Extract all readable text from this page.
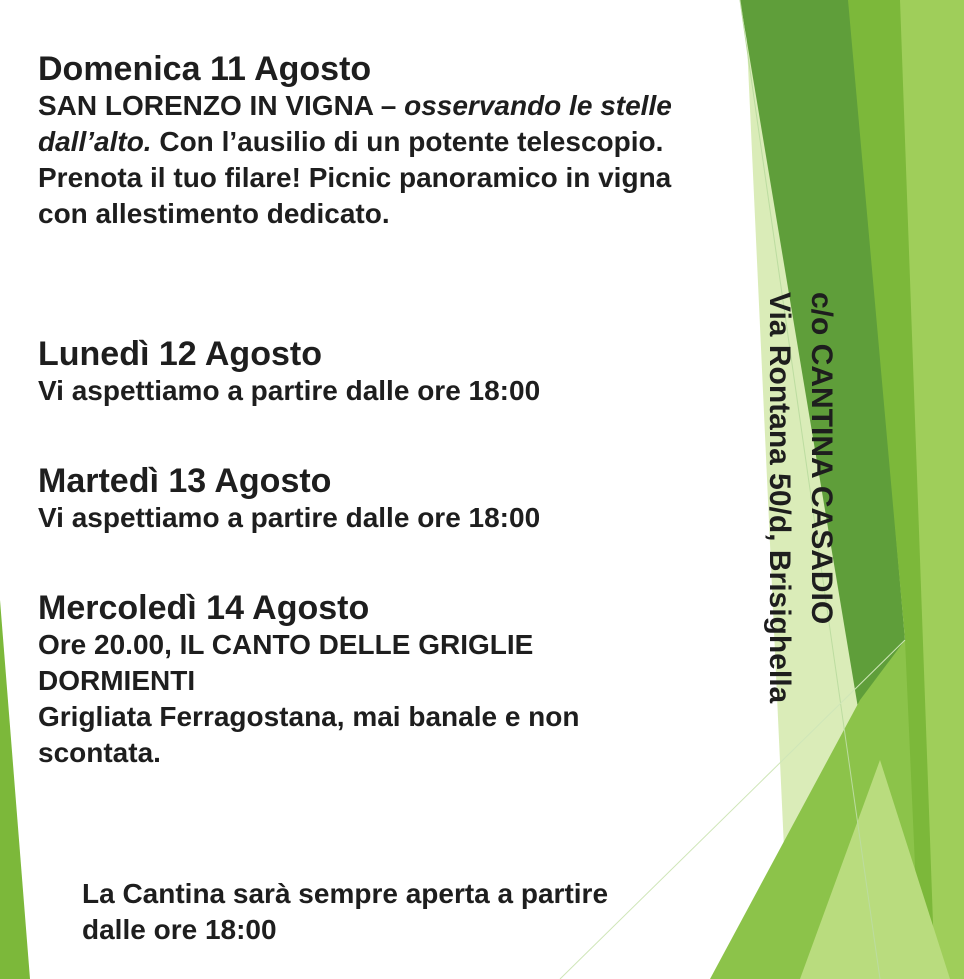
Domenica 11 Agosto

SAN LORENZO IN VIGNA – osservando le stelle dall’alto. Con l’ausilio di un potente telescopio.

Prenota il tuo filare! Picnic panoramico in vigna con allestimento dedicato.

Lunedì 12 Agosto

Vi aspettiamo a partire dalle ore 18:00

Martedì 13 Agosto

Vi aspettiamo a partire dalle ore 18:00

Mercoledì 14 Agosto

Ore 20.00, IL CANTO DELLE GRIGLIE DORMIENTI

Grigliata Ferragostana, mai banale e non scontata.

La Cantina sarà sempre aperta a partire dalle ore 18:00

c/o CANTINA CASADIO
Via Rontana 50/d, Brisighella
